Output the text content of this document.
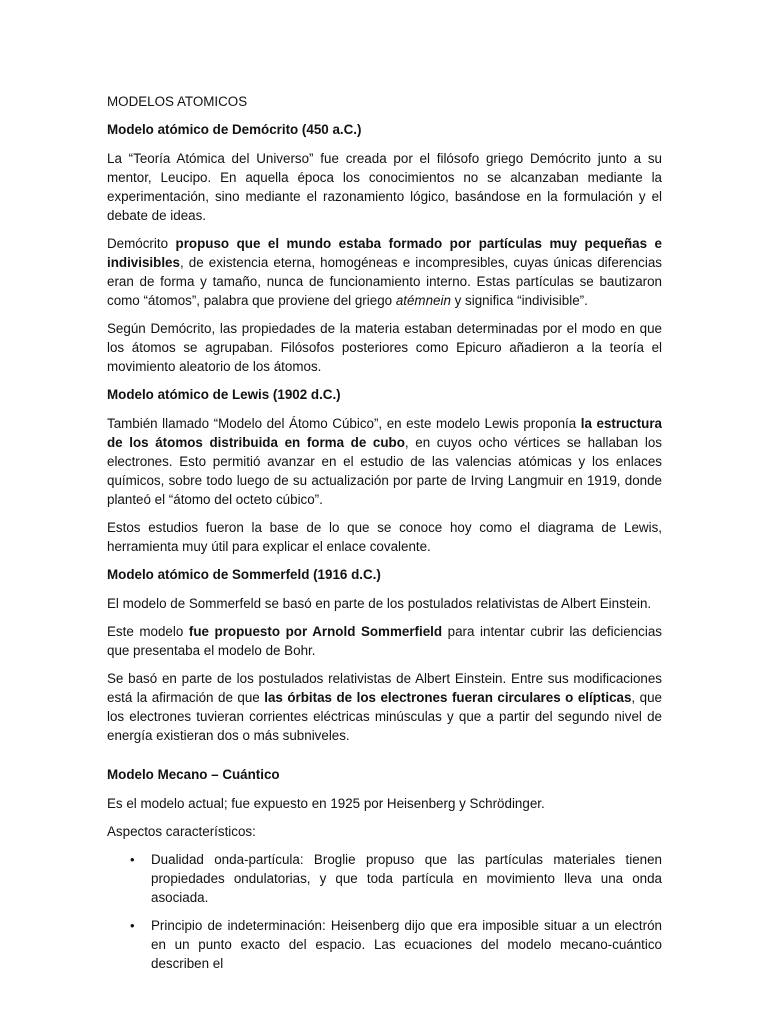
MODELOS ATOMICOS

Modelo atómico de Demócrito (450 a.C.)

La “Teoría Atómica del Universo” fue creada por el filósofo griego Demócrito junto a su mentor, Leucipo. En aquella época los conocimientos no se alcanzaban mediante la experimentación, sino mediante el razonamiento lógico, basándose en la formulación y el debate de ideas.

Demócrito propuso que el mundo estaba formado por partículas muy pequeñas e indivisibles, de existencia eterna, homogéneas e incompresibles, cuyas únicas diferencias eran de forma y tamaño, nunca de funcionamiento interno. Estas partículas se bautizaron como “átomos”, palabra que proviene del griego atémnein y significa “indivisible”.

Según Demócrito, las propiedades de la materia estaban determinadas por el modo en que los átomos se agrupaban. Filósofos posteriores como Epicuro añadieron a la teoría el movimiento aleatorio de los átomos.

Modelo atómico de Lewis (1902 d.C.)

También llamado “Modelo del Átomo Cúbico”, en este modelo Lewis proponía la estructura de los átomos distribuida en forma de cubo, en cuyos ocho vértices se hallaban los electrones. Esto permitió avanzar en el estudio de las valencias atómicas y los enlaces químicos, sobre todo luego de su actualización por parte de Irving Langmuir en 1919, donde planteó el “átomo del octeto cúbico”.

Estos estudios fueron la base de lo que se conoce hoy como el diagrama de Lewis, herramienta muy útil para explicar el enlace covalente.

Modelo atómico de Sommerfeld (1916 d.C.)

El modelo de Sommerfeld se basó en parte de los postulados relativistas de Albert Einstein.

Este modelo fue propuesto por Arnold Sommerfield para intentar cubrir las deficiencias que presentaba el modelo de Bohr.

Se basó en parte de los postulados relativistas de Albert Einstein. Entre sus modificaciones está la afirmación de que las órbitas de los electrones fueran circulares o elípticas, que los electrones tuvieran corrientes eléctricas minúsculas y que a partir del segundo nivel de energía existieran dos o más subniveles.

Modelo Mecano – Cuántico

Es el modelo actual; fue expuesto en 1925 por Heisenberg y Schrödinger.

Aspectos característicos:

• Dualidad onda-partícula: Broglie propuso que las partículas materiales tienen propiedades ondulatorias, y que toda partícula en movimiento lleva una onda asociada.
• Principio de indeterminación: Heisenberg dijo que era imposible situar a un electrón en un punto exacto del espacio. Las ecuaciones del modelo mecano-cuántico describen el
